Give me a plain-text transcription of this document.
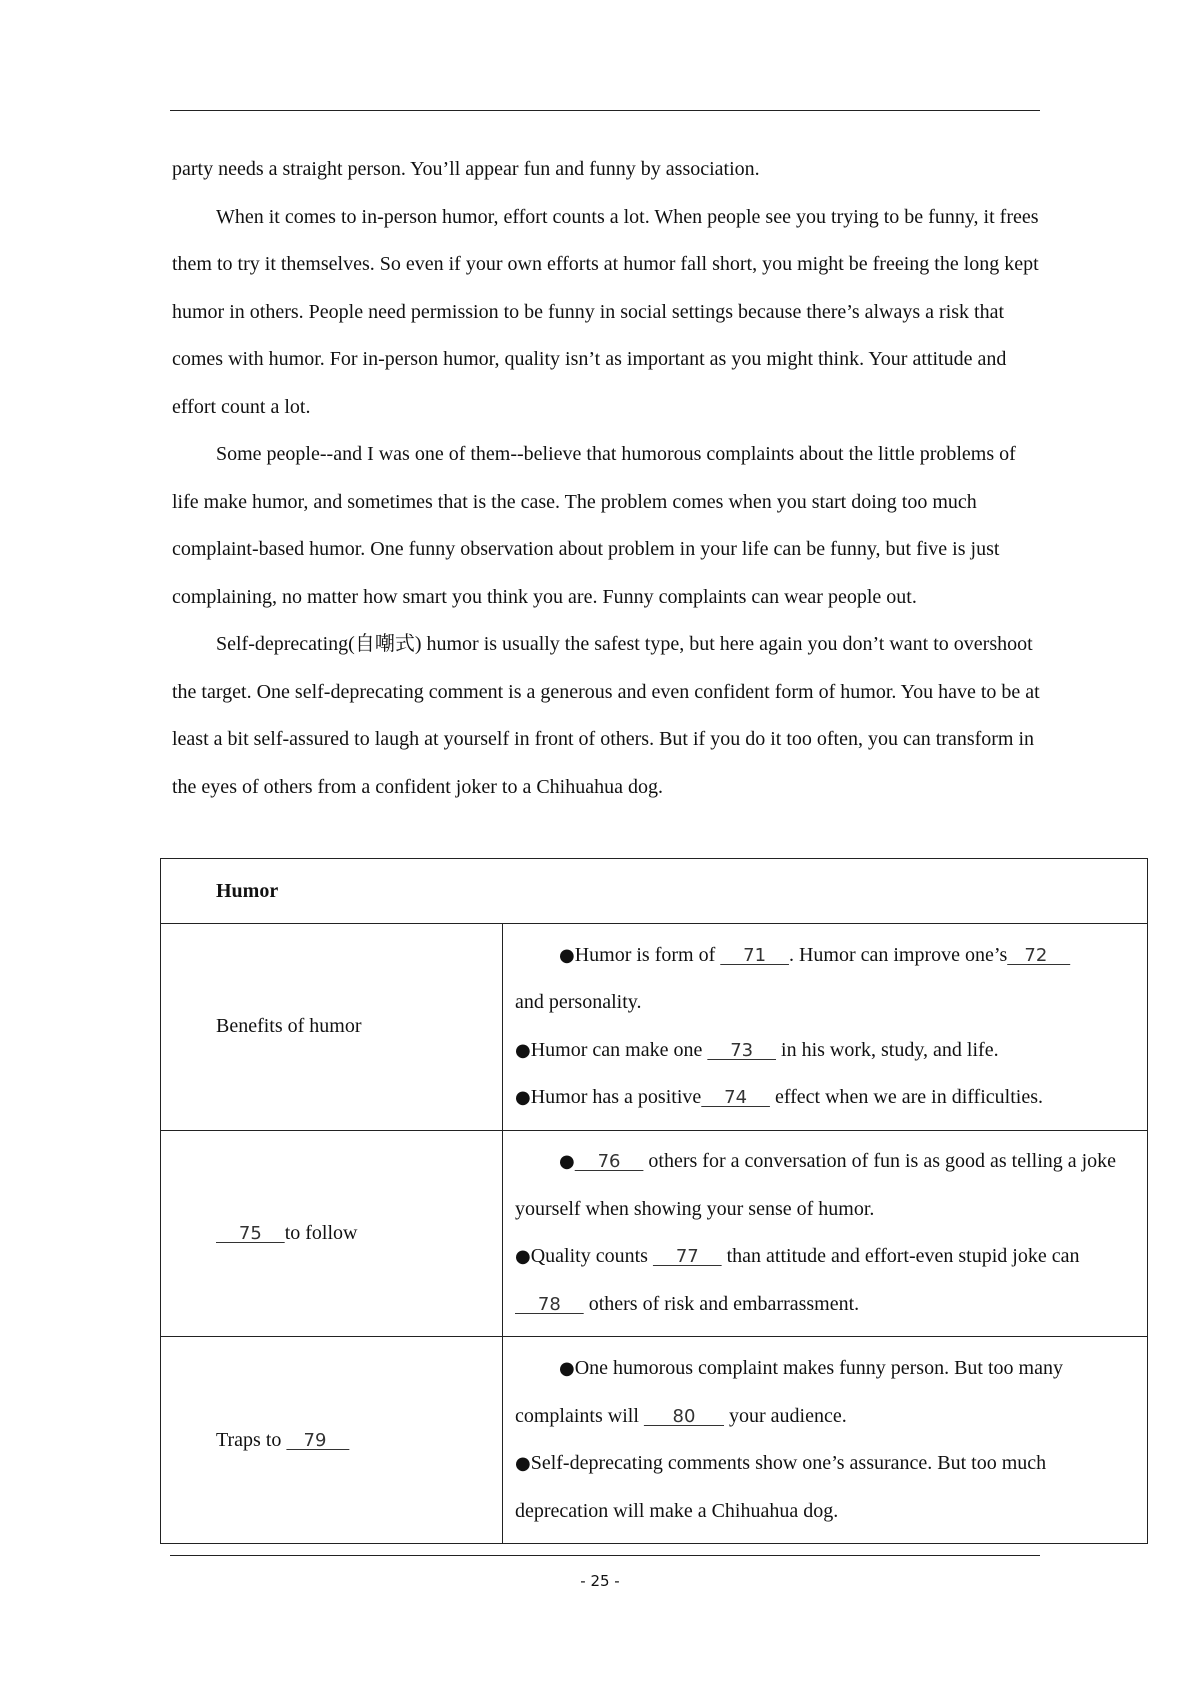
party needs a straight person. You’ll appear fun and funny by association.

When it comes to in-person humor, effort counts a lot. When people see you trying to be funny, it frees them to try it themselves. So even if your own efforts at humor fall short, you might be freeing the long kept humor in others. People need permission to be funny in social settings because there’s always a risk that comes with humor. For in-person humor, quality isn’t as important as you might think. Your attitude and effort count a lot.

Some people--and I was one of them--believe that humorous complaints about the little problems of life make humor, and sometimes that is the case. The problem comes when you start doing too much complaint-based humor. One funny observation about problem in your life can be funny, but five is just complaining, no matter how smart you think you are. Funny complaints can wear people out.

Self-deprecating(自嘲式) humor is usually the safest type, but here again you don’t want to overshoot the target. One self-deprecating comment is a generous and even confident form of humor. You have to be at least a bit self-assured to laugh at yourself in front of others. But if you do it too often, you can transform in the eyes of others from a confident joker to a Chihuahua dog.

Humor	
Benefits of humor	●Humor is form of     71    . Humor can improve one’s   72

and personality.

●Humor can make one     73     in his work, study, and life.

●Humor has a positive    74     effect when we are in difficulties.

75    to follow	●    76     others for a conversation of fun is as good as telling a joke yourself when showing your sense of humor.

●Quality counts     77     than attitude and effort-even stupid joke can
78     others of risk and embarrassment.

Traps to    79	●One humorous complaint makes funny person. But too many complaints will      80      your audience.

●Self-deprecating comments show one’s assurance. But too much deprecation will make a Chihuahua dog.

- 25 -
